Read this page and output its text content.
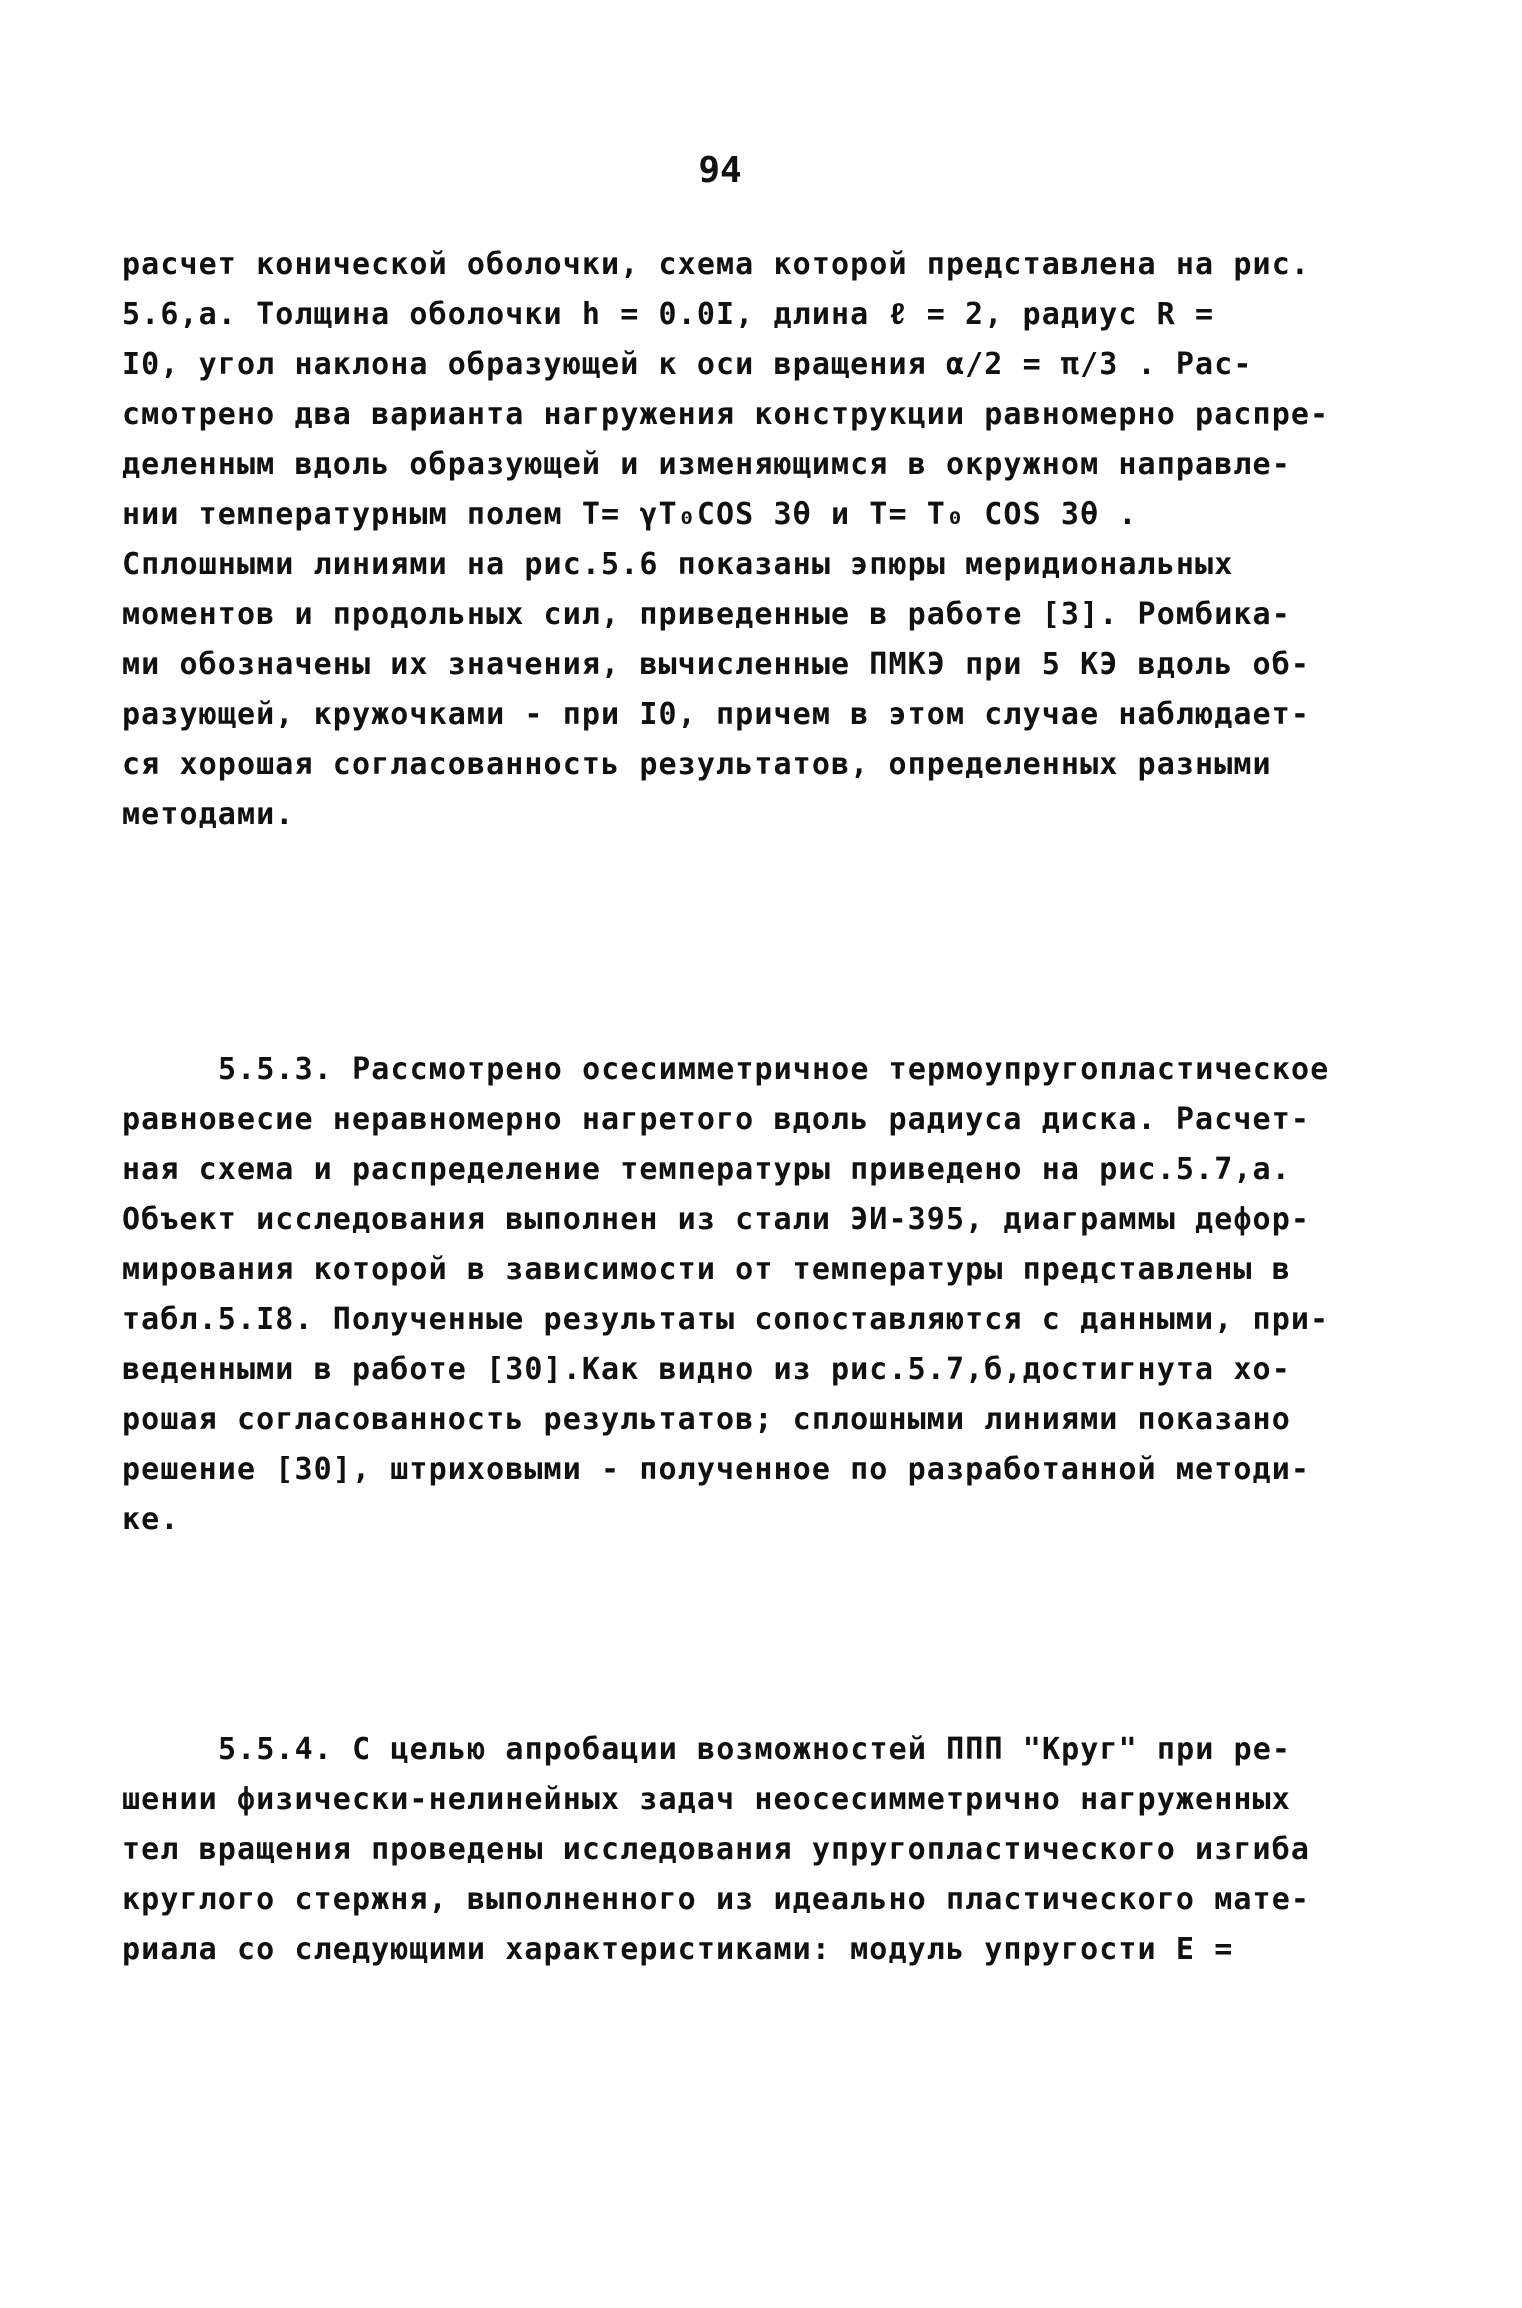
94
расчет конической оболочки, схема которой представлена на рис.
5.6,а. Толщина оболочки h = 0.0I, длина ℓ = 2, радиус R =
I0, угол наклона образующей к оси вращения α/2 = π/3 . Рас-
смотрено два варианта нагружения конструкции равномерно распре-
деленным вдоль образующей и изменяющимся в окружном направле-
нии температурным полем T= γT₀COS 3θ и T= T₀ COS 3θ .
Сплошными линиями на рис.5.6 показаны эпюры меридиональных
моментов и продольных сил, приведенные в работе [3]. Ромбика-
ми обозначены их значения, вычисленные ПМКЭ при 5 КЭ вдоль об-
разующей, кружочками - при I0, причем в этом случае наблюдает-
ся хорошая согласованность результатов, определенных разными
методами.
5.5.3. Рассмотрено осесимметричное термоупругопластическое
равновесие неравномерно нагретого вдоль радиуса диска. Расчет-
ная схема и распределение температуры приведено на рис.5.7,а.
Объект исследования выполнен из стали ЭИ-395, диаграммы дефор-
мирования которой в зависимости от температуры представлены в
табл.5.I8. Полученные результаты сопоставляются с данными, при-
веденными в работе [30].Как видно из рис.5.7,б,достигнута хо-
рошая согласованность результатов; сплошными линиями показано
решение [30], штриховыми - полученное по разработанной методи-
ке.
5.5.4. С целью апробации возможностей ППП "Круг" при ре-
шении физически-нелинейных задач неосесимметрично нагруженных
тел вращения проведены исследования упругопластического изгиба
круглого стержня, выполненного из идеально пластического мате-
риала со следующими характеристиками: модуль упругости E =
